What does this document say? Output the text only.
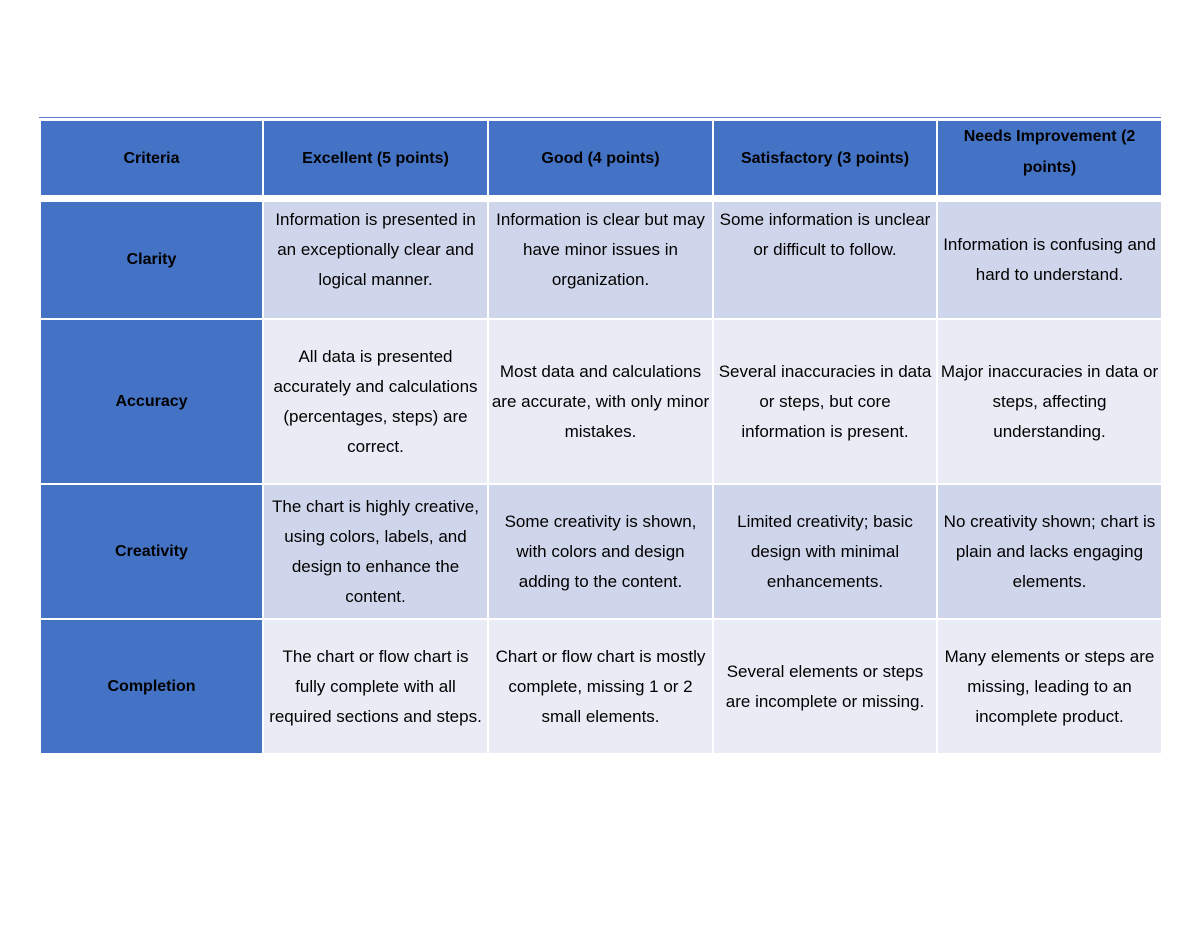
Criteria	Excellent (5 points)	Good (4 points)	Satisfactory (3 points)	Needs Improvement (2 points)

Clarity	Information is presented in an exceptionally clear and logical manner.	Information is clear but may have minor issues in organization.	Some information is unclear or difficult to follow.	Information is confusing and hard to understand.
Accuracy	All data is presented accurately and calculations (percentages, steps) are correct.	Most data and calculations are accurate, with only minor mistakes.	Several inaccuracies in data or steps, but core information is present.	Major inaccuracies in data or steps, affecting understanding.
Creativity	The chart is highly creative, using colors, labels, and design to enhance the content.	Some creativity is shown, with colors and design adding to the content.	Limited creativity; basic design with minimal enhancements.	No creativity shown; chart is plain and lacks engaging elements.
Completion	The chart or flow chart is fully complete with all required sections and steps.	Chart or flow chart is mostly complete, missing 1 or 2 small elements.	Several elements or steps are incomplete or missing.	Many elements or steps are missing, leading to an incomplete product.
